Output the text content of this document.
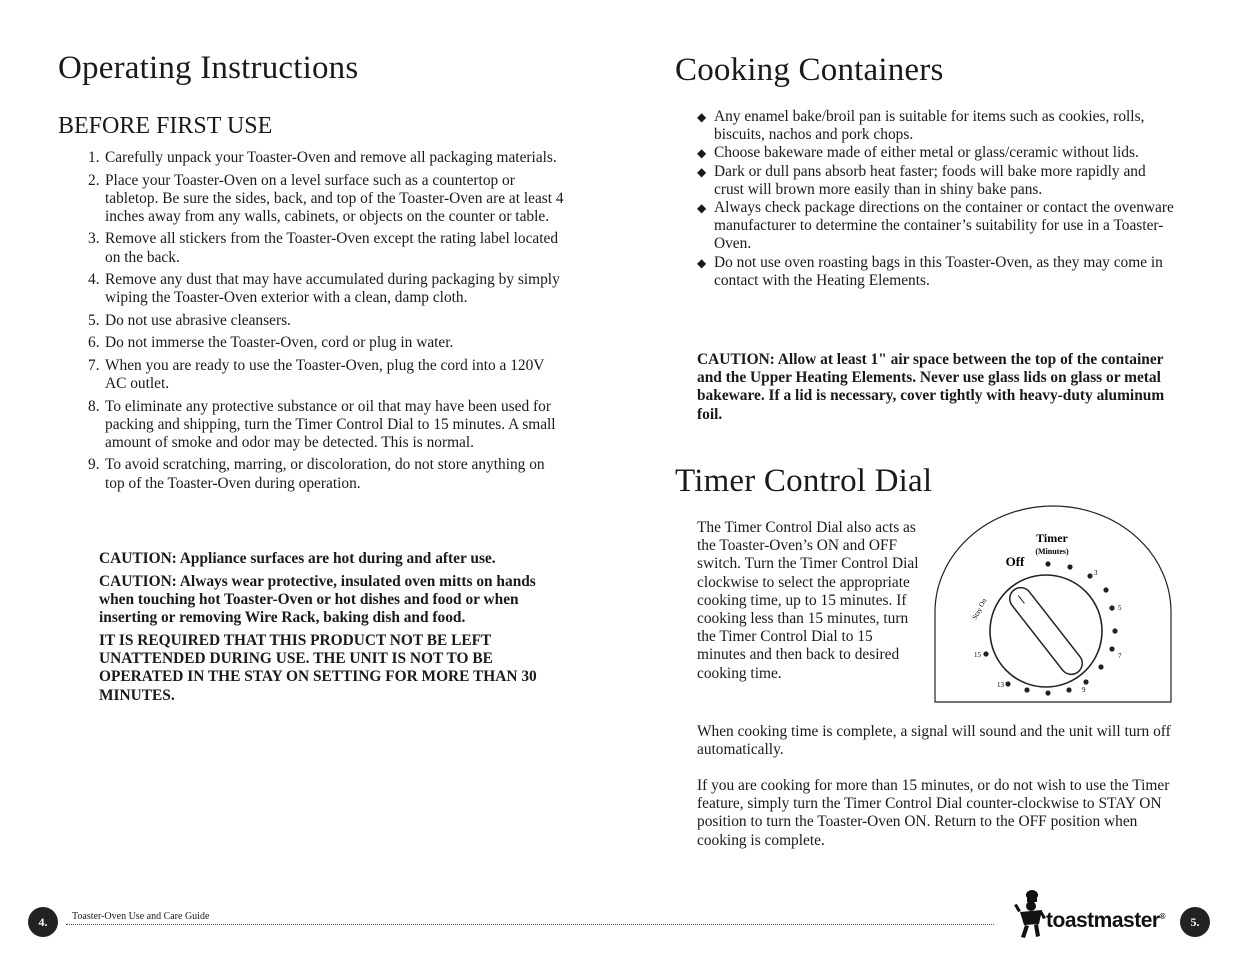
Operating Instructions
BEFORE FIRST USE
1. Carefully unpack your Toaster-Oven and remove all packaging materials.
2. Place your Toaster-Oven on a level surface such as a countertop or tabletop. Be sure the sides, back, and top of the Toaster-Oven are at least 4 inches away from any walls, cabinets, or objects on the counter or table.
3. Remove all stickers from the Toaster-Oven except the rating label located on the back.
4. Remove any dust that may have accumulated during packaging by simply wiping the Toaster-Oven exterior with a clean, damp cloth.
5. Do not use abrasive cleansers.
6. Do not immerse the Toaster-Oven, cord or plug in water.
7. When you are ready to use the Toaster-Oven, plug the cord into a 120V AC outlet.
8. To eliminate any protective substance or oil that may have been used for packing and shipping, turn the Timer Control Dial to 15 minutes. A small amount of smoke and odor may be detected. This is normal.
9. To avoid scratching, marring, or discoloration, do not store anything on top of the Toaster-Oven during operation.

CAUTION: Appliance surfaces are hot during and after use.

CAUTION: Always wear protective, insulated oven mitts on hands when touching hot Toaster-Oven or hot dishes and food or when inserting or removing Wire Rack, baking dish and food.

IT IS REQUIRED THAT THIS PRODUCT NOT BE LEFT UNATTENDED DURING USE. THE UNIT IS NOT TO BE OPERATED IN THE STAY ON SETTING FOR MORE THAN 30 MINUTES.

4.	Toaster-Oven Use and Care Guide
Cooking Containers
◆ Any enamel bake/broil pan is suitable for items such as cookies, rolls, biscuits, nachos and pork chops.
◆ Choose bakeware made of either metal or glass/ceramic without lids.
◆ Dark or dull pans absorb heat faster; foods will bake more rapidly and crust will brown more easily than in shiny bake pans.
◆ Always check package directions on the container or contact the ovenware manufacturer to determine the container’s suitability for use in a Toaster-Oven.
◆ Do not use oven roasting bags in this Toaster-Oven, as they may come in contact with the Heating Elements.

CAUTION: Allow at least 1" air space between the top of the container and the Upper Heating Elements. Never use glass lids on glass or metal bakeware. If a lid is necessary, cover tightly with heavy-duty aluminum foil.

Timer Control Dial

The Timer Control Dial also acts as the Toaster-Oven’s ON and OFF switch. Turn the Timer Control Dial clockwise to select the appropriate cooking time, up to 15 minutes. If cooking less than 15 minutes, turn the Timer Control Dial to 15 minutes and then back to desired cooking time.

When cooking time is complete, a signal will sound and the unit will turn off automatically.

If you are cooking for more than 15 minutes, or do not wish to use the Timer feature, simply turn the Timer Control Dial counter-clockwise to STAY ON position to turn the Toaster-Oven ON. Return to the OFF position when cooking is complete.

Timer
(Minutes)
Off
Stay On
3
5
7
9
13
15
toastmaster®	5.
